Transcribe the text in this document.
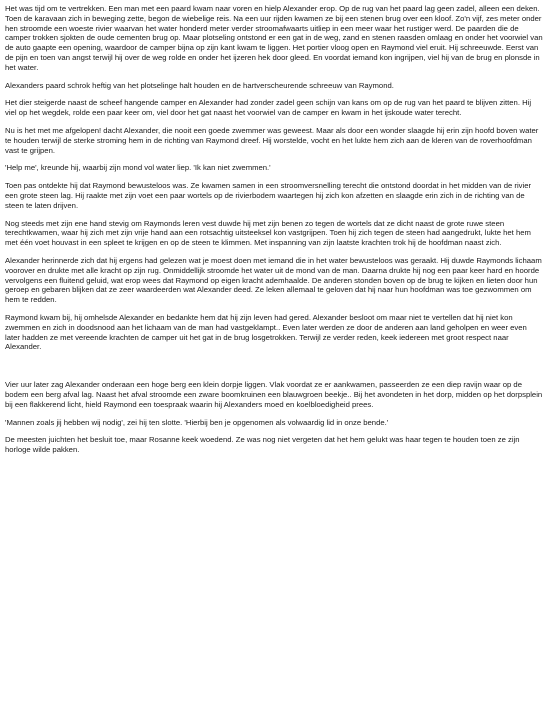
Het was tijd om te vertrekken. Een man met een paard kwam naar voren en hielp Alexander erop. Op de rug van het paard lag geen zadel, alleen een deken. Toen de karavaan zich in beweging zette, begon de wiebelige reis. Na een uur rijden kwamen ze bij een stenen brug over een kloof. Zo'n vijf, zes meter onder hen stroomde een woeste rivier waarvan het water honderd meter verder stroomafwaarts uitliep in een meer waar het rustiger werd. De paarden die de camper trokken sjokten de oude cementen brug op. Maar plotseling ontstond er een gat in de weg, zand en stenen raasden omlaag en onder het voorwiel van de auto gaapte een opening, waardoor de camper bijna op zijn kant kwam te liggen. Het portier vloog open en Raymond viel eruit. Hij schreeuwde. Eerst van de pijn en toen van angst terwijl hij over de weg rolde en onder het ijzeren hek door gleed. En voordat iemand kon ingrijpen, viel hij van de brug en plonsde in het water.

Alexanders paard schrok heftig van het plotselinge halt houden en de hartverscheurende schreeuw van Raymond.

Het dier steigerde naast de scheef hangende camper en Alexander had zonder zadel geen schijn van kans om op de rug van het paard te blijven zitten. Hij viel op het wegdek, rolde een paar keer om, viel door het gat naast het voorwiel van de camper en kwam in het ijskoude water terecht.

Nu is het met me afgelopen! dacht Alexander, die nooit een goede zwemmer was geweest. Maar als door een wonder slaagde hij erin zijn hoofd boven water te houden terwijl de sterke stroming hem in de richting van Raymond dreef. Hij worstelde, vocht en het lukte hem zich aan de kleren van de roverhoofdman vast te grijpen.

'Help me', kreunde hij, waarbij zijn mond vol water liep. 'Ik kan niet zwemmen.'

Toen pas ontdekte hij dat Raymond bewusteloos was. Ze kwamen samen in een stroomversnelling terecht die ontstond doordat in het midden van de rivier een grote steen lag. Hij raakte met zijn voet een paar wortels op de rivierbodem waartegen hij zich kon afzetten en slaagde erin zich in de richting van de steen te laten drijven.

Nog steeds met zijn ene hand stevig om Raymonds leren vest duwde hij met zijn benen zo tegen de wortels dat ze dicht naast de grote ruwe steen terechtkwamen, waar hij zich met zijn vrije hand aan een rotsachtig uitsteeksel kon vastgrijpen. Toen hij zich tegen de steen had aangedrukt, lukte het hem met één voet houvast in een spleet te krijgen en op de steen te klimmen. Met inspanning van zijn laatste krachten trok hij de hoofdman naast zich.

Alexander herinnerde zich dat hij ergens had gelezen wat je moest doen met iemand die in het water bewusteloos was geraakt. Hij duwde Raymonds lichaam voorover en drukte met alle kracht op zijn rug. Onmiddellijk stroomde het water uit de mond van de man. Daarna drukte hij nog een paar keer hard en hoorde vervolgens een fluitend geluid, wat erop wees dat Raymond op eigen kracht ademhaalde. De anderen stonden boven op de brug te kijken en lieten door hun geroep en gebaren blijken dat ze zeer waardeerden wat Alexander deed. Ze leken allemaal te geloven dat hij naar hun hoofdman was toe gezwommen om hem te redden.

Raymond kwam bij, hij omhelsde Alexander en bedankte hem dat hij zijn leven had gered. Alexander besloot om maar niet te vertellen dat hij niet kon zwemmen en zich in doodsnood aan het lichaam van de man had vastgeklampt.. Even later werden ze door de anderen aan land geholpen en weer even later hadden ze met vereende krachten de camper uit het gat in de brug losgetrokken. Terwijl ze verder reden, keek iedereen met groot respect naar Alexander.

Vier uur later zag Alexander onderaan een hoge berg een klein dorpje liggen. Vlak voordat ze er aankwamen, passeerden ze een diep ravijn waar op de bodem een berg afval lag. Naast het afval stroomde een zware boomkruinen een blauwgroen beekje.. Bij het avondeten in het dorp, midden op het dorpsplein bij een flakkerend licht, hield Raymond een toespraak waarin hij Alexanders moed en koelbloedigheid prees.

'Mannen zoals jij hebben wij nodig', zei hij ten slotte. 'Hierbij ben je opgenomen als volwaardig lid in onze bende.'

De meesten juichten het besluit toe, maar Rosanne keek woedend. Ze was nog niet vergeten dat het hem gelukt was haar tegen te houden toen ze zijn horloge wilde pakken.
